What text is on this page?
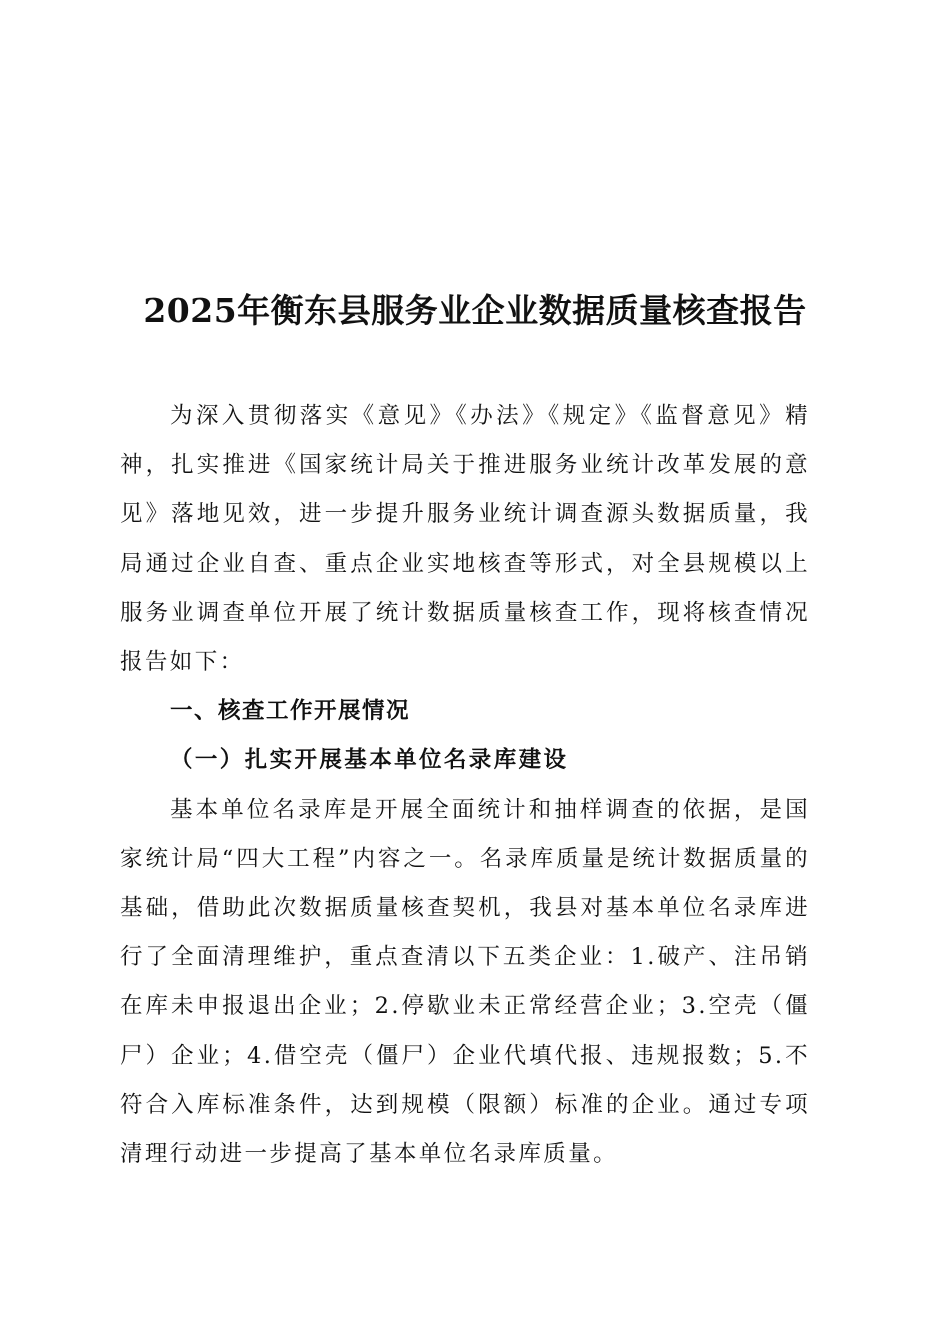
2025年衡东县服务业企业数据质量核查报告

为深入贯彻落实《意见》《办法》《规定》《监督意见》精神，扎实推进《国家统计局关于推进服务业统计改革发展的意见》落地见效，进一步提升服务业统计调查源头数据质量，我局通过企业自查、重点企业实地核查等形式，对全县规模以上服务业调查单位开展了统计数据质量核查工作，现将核查情况报告如下：

一、核查工作开展情况

（一）扎实开展基本单位名录库建设

基本单位名录库是开展全面统计和抽样调查的依据，是国家统计局“四大工程”内容之一。名录库质量是统计数据质量的基础，借助此次数据质量核查契机，我县对基本单位名录库进行了全面清理维护，重点查清以下五类企业：1.破产、注吊销在库未申报退出企业；2.停歇业未正常经营企业；3.空壳（僵尸）企业；4.借空壳（僵尸）企业代填代报、违规报数；5.不符合入库标准条件，达到规模（限额）标准的企业。通过专项清理行动进一步提高了基本单位名录库质量。
